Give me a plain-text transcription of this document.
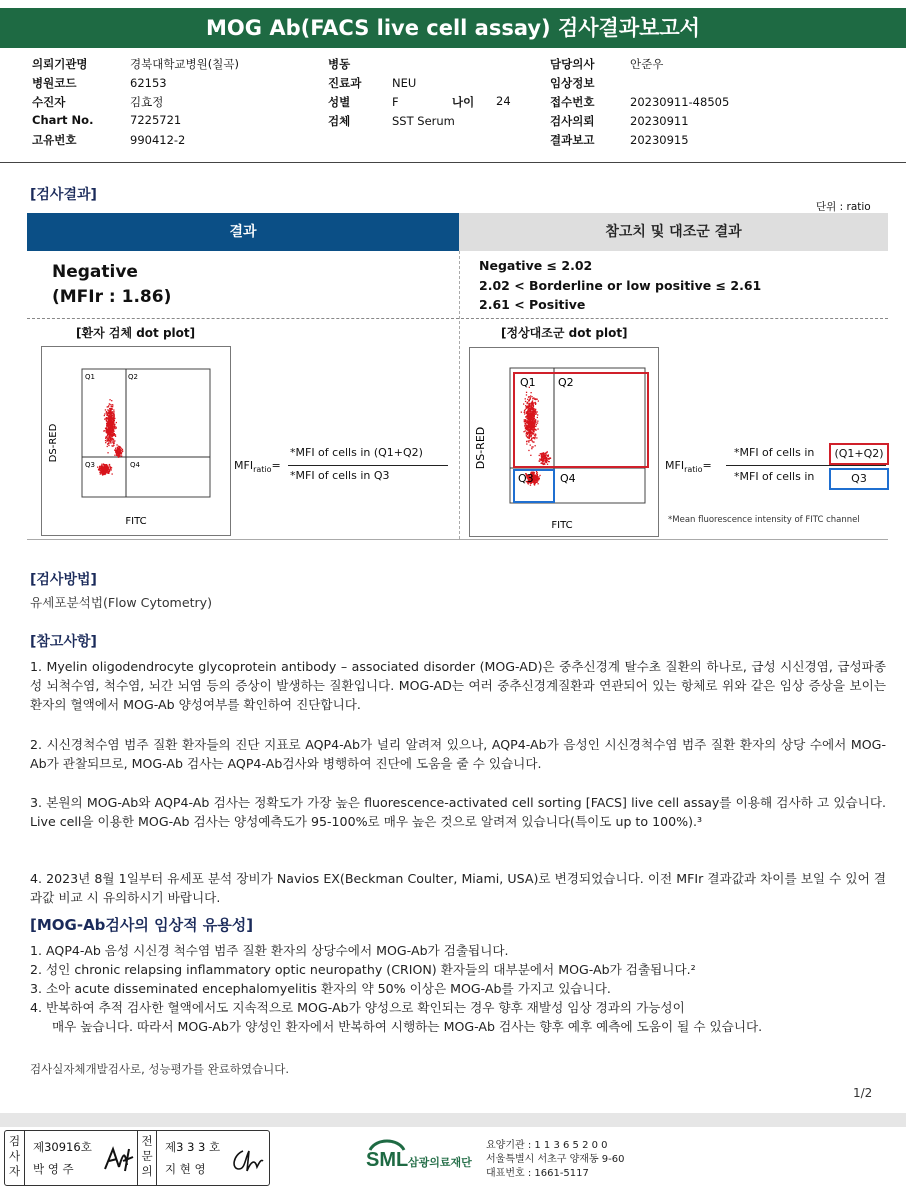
MOG Ab(FACS live cell assay) 검사결과보고서
의뢰기관명	경북대학교병원(칠곡)
병원코드	62153
수진자	김효정
Chart No.	7225721
고유번호	990412-2
병동
진료과	NEU
성별	F	나이 24
검체	SST Serum
담당의사	안준우
임상정보
접수번호	20230911-48505
검사의뢰	20230911
결과보고	20230915
[검사결과]
단위 : ratio
결과	참고치 및 대조군 결과
Negative
(MFIr : 1.86)
Negative ≤ 2.02
2.02 < Borderline or low positive ≤ 2.61
2.61 < Positive
[환자 검체 dot plot]	[정상대조군 dot plot]
Q1	Q2
Q3	Q4
DS-RED
FITC
$MFI_{ratio}=$
*MFI of cells in (Q1+Q2)
*MFI of cells in Q3
Q1 Q2
Q3 Q4
DS-RED
FITC
$MFI_{ratio}=$
*MFI of cells in	(Q1+Q2)
*MFI of cells in	Q3
*Mean fluorescence intensity of FITC channel
[검사방법]
유세포분석법(Flow Cytometry)
[참고사항]
1. Myelin oligodendrocyte glycoprotein antibody – associated disorder (MOG-AD)은 중추신경계 탈수초 질환의 하나로, 급성 시신경염, 급성파종성 뇌척수염, 척수염, 뇌간 뇌염 등의 증상이 발생하는 질환입니다. MOG-AD는 여러 중추신경계질환과 연관되어 있는 항체로 위와 같은 임상 증상을 보이는 환자의 혈액에서 MOG-Ab 양성여부를 확인하여 진단합니다.
2. 시신경척수염 범주 질환 환자들의 진단 지표로 AQP4-Ab가 널리 알려져 있으나, AQP4-Ab가 음성인 시신경척수염 범주 질환 환자의 상당 수에서 MOG-Ab가 관찰되므로, MOG-Ab 검사는 AQP4-Ab검사와 병행하여 진단에 도움을 줄 수 있습니다.
3. 본원의 MOG-Ab와 AQP4-Ab 검사는 정확도가 가장 높은 fluorescence-activated cell sorting [FACS] live cell assay를 이용해 검사하 고 있습니다. Live cell을 이용한 MOG-Ab 검사는 양성예측도가 95-100%로 매우 높은 것으로 알려져 있습니다(특이도 up to 100%).³
4. 2023년 8월 1일부터 유세포 분석 장비가 Navios EX(Beckman Coulter, Miami, USA)로 변경되었습니다. 이전 MFIr 결과값과 차이를 보일 수 있어 결과값 비교 시 유의하시기 바랍니다.
[MOG-Ab검사의 임상적 유용성]
1. AQP4-Ab 음성 시신경 척수염 범주 질환 환자의 상당수에서 MOG-Ab가 검출됩니다.
2. 성인 chronic relapsing inflammatory optic neuropathy (CRION) 환자들의 대부분에서 MOG-Ab가 검출됩니다.²
3. 소아 acute disseminated encephalomyelitis 환자의 약 50% 이상은 MOG-Ab를 가지고 있습니다.
4. 반복하여 추적 검사한 혈액에서도 지속적으로 MOG-Ab가 양성으로 확인되는 경우 향후 재발성 임상 경과의 가능성이
매우 높습니다. 따라서 MOG-Ab가 양성인 환자에서 반복하여 시행하는 MOG-Ab 검사는 향후 예후 예측에 도움이 될 수 있습니다.
검사실자체개발검사로, 성능평가를 완료하였습니다.
1/2
검
사
자
제30916호
박 영 주
전
문
의
제3 3 3 호
지 현 영	SML 삼광의료재단
요양기관 : 1 1 3 6 5 2 0 0
서울특별시 서초구 양재동 9-60
대표번호 : 1661-5117
